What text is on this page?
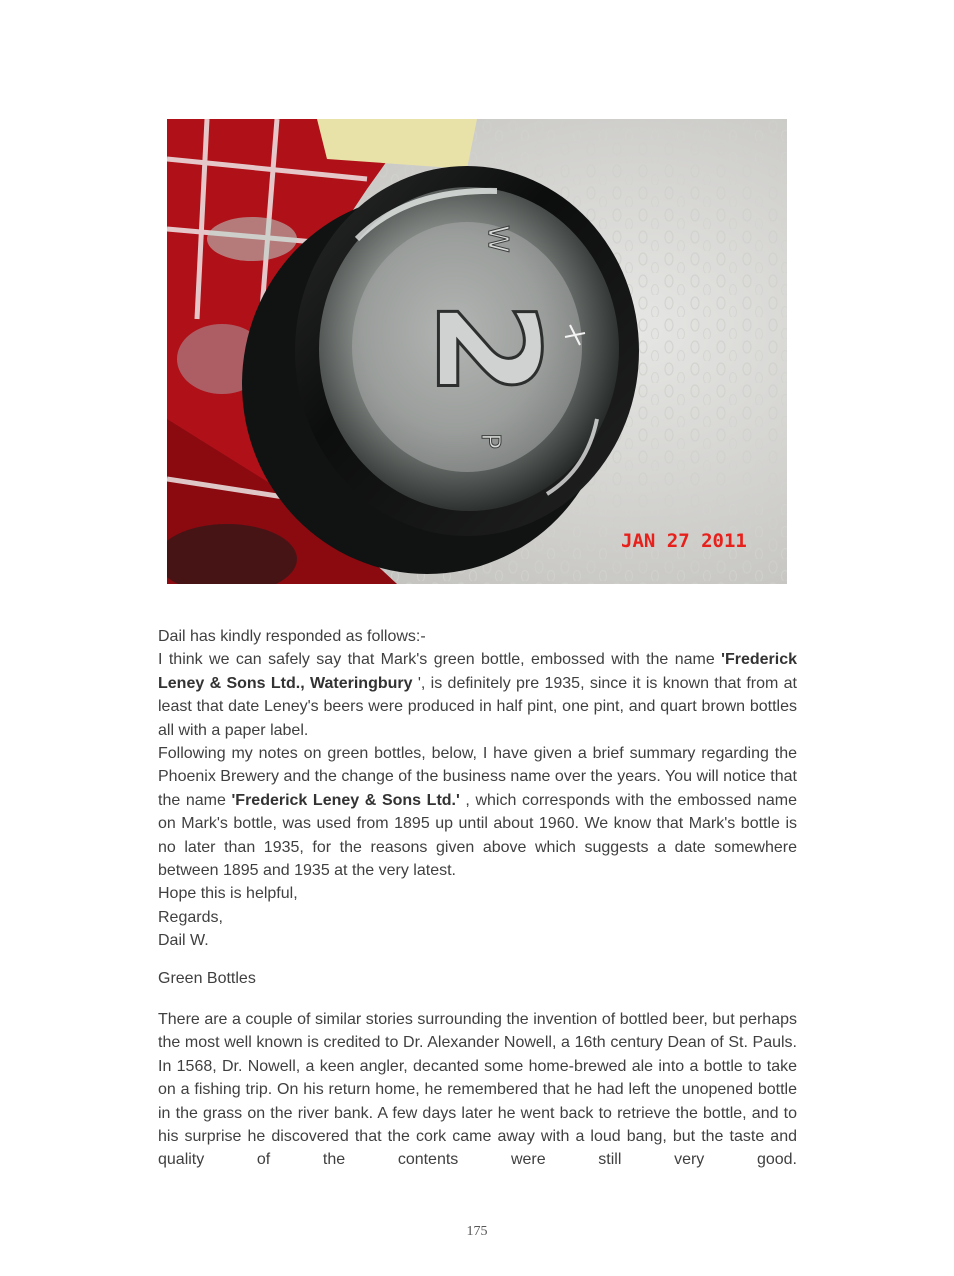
W
2
P
JAN 27 2011

Dail has kindly responded as follows:-

I think we can safely say that Mark's green bottle, embossed with the name 'Frederick Leney & Sons Ltd., Wateringbury ', is definitely pre 1935, since it is known that from at least that date Leney's beers were produced in half pint, one pint, and quart brown bottles all with a paper label.

Following my notes on green bottles, below, I have given a brief summary regarding the Phoenix Brewery and the change of the business name over the years. You will notice that the name 'Frederick Leney & Sons Ltd.' , which corresponds with the embossed name on Mark's bottle, was used from 1895 up until about 1960. We know that Mark's bottle is no later than 1935, for the reasons given above which suggests a date somewhere between 1895 and 1935 at the very latest.

Hope this is helpful,

Regards,

Dail W.

Green Bottles
There are a couple of similar stories surrounding the invention of bottled beer, but perhaps the most well known is credited to Dr. Alexander Nowell, a 16th century Dean of St. Pauls. In 1568, Dr. Nowell, a keen angler, decanted some home-brewed ale into a bottle to take on a fishing trip. On his return home, he remembered that he had left the unopened bottle in the grass on the river bank. A few days later he went back to retrieve the bottle, and to his surprise he discovered that the cork came away with a loud bang, but the taste and quality of the contents were still very good.
175
